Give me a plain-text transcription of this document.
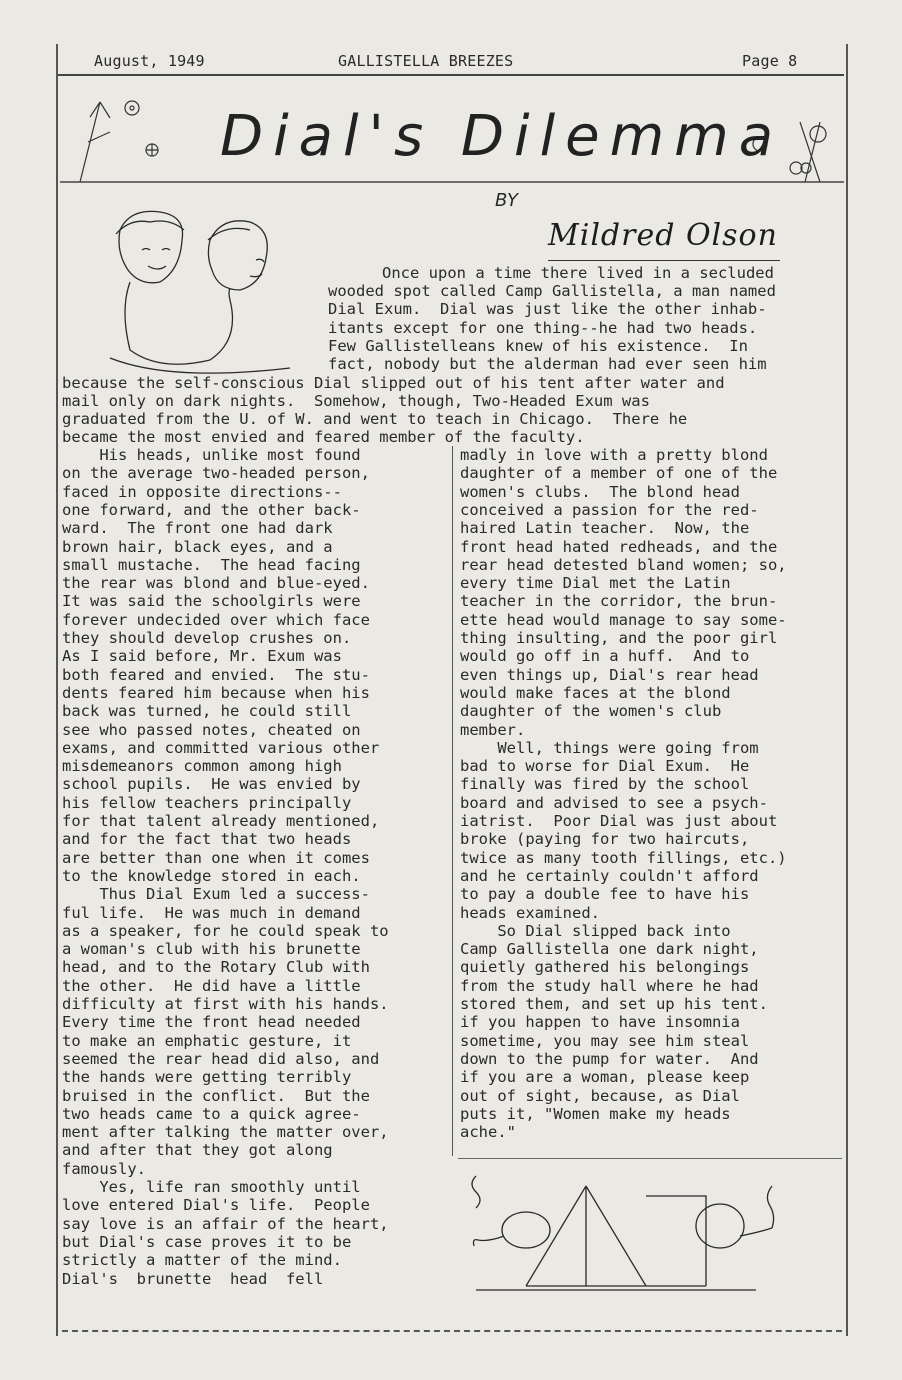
August, 1949	GALLISTELLA BREEZES	Page 8
Dial's Dilemma
BY
Mildred Olson
Once upon a time there lived in a secluded
wooded spot called Camp Gallistella, a man named
Dial Exum.  Dial was just like the other inhab-
itants except for one thing--he had two heads.
Few Gallistelleans knew of his existence.  In
fact, nobody but the alderman had ever seen him
because the self-conscious Dial slipped out of his tent after water and
mail only on dark nights.  Somehow, though, Two-Headed Exum was
graduated from the U. of W. and went to teach in Chicago.  There he
became the most envied and feared member of the faculty.
His heads, unlike most found
on the average two-headed person,
faced in opposite directions--
one forward, and the other back-
ward.  The front one had dark
brown hair, black eyes, and a
small mustache.  The head facing
the rear was blond and blue-eyed.
It was said the schoolgirls were
forever undecided over which face
they should develop crushes on.
As I said before, Mr. Exum was
both feared and envied.  The stu-
dents feared him because when his
back was turned, he could still
see who passed notes, cheated on
exams, and committed various other
misdemeanors common among high
school pupils.  He was envied by
his fellow teachers principally
for that talent already mentioned,
and for the fact that two heads
are better than one when it comes
to the knowledge stored in each.
Thus Dial Exum led a success-
ful life.  He was much in demand
as a speaker, for he could speak to
a woman's club with his brunette
head, and to the Rotary Club with
the other.  He did have a little
difficulty at first with his hands.
Every time the front head needed
to make an emphatic gesture, it
seemed the rear head did also, and
the hands were getting terribly
bruised in the conflict.  But the
two heads came to a quick agree-
ment after talking the matter over,
and after that they got along
famously.
Yes, life ran smoothly until
love entered Dial's life.  People
say love is an affair of the heart,
but Dial's case proves it to be
strictly a matter of the mind.
Dial's  brunette  head  fell
madly in love with a pretty blond
daughter of a member of one of the
women's clubs.  The blond head
conceived a passion for the red-
haired Latin teacher.  Now, the
front head hated redheads, and the
rear head detested bland women; so,
every time Dial met the Latin
teacher in the corridor, the brun-
ette head would manage to say some-
thing insulting, and the poor girl
would go off in a huff.  And to
even things up, Dial's rear head
would make faces at the blond
daughter of the women's club
member.
Well, things were going from
bad to worse for Dial Exum.  He
finally was fired by the school
board and advised to see a psych-
iatrist.  Poor Dial was just about
broke (paying for two haircuts,
twice as many tooth fillings, etc.)
and he certainly couldn't afford
to pay a double fee to have his
heads examined.
So Dial slipped back into
Camp Gallistella one dark night,
quietly gathered his belongings
from the study hall where he had
stored them, and set up his tent.
if you happen to have insomnia
sometime, you may see him steal
down to the pump for water.  And
if you are a woman, please keep
out of sight, because, as Dial
puts it, "Women make my heads
ache."
